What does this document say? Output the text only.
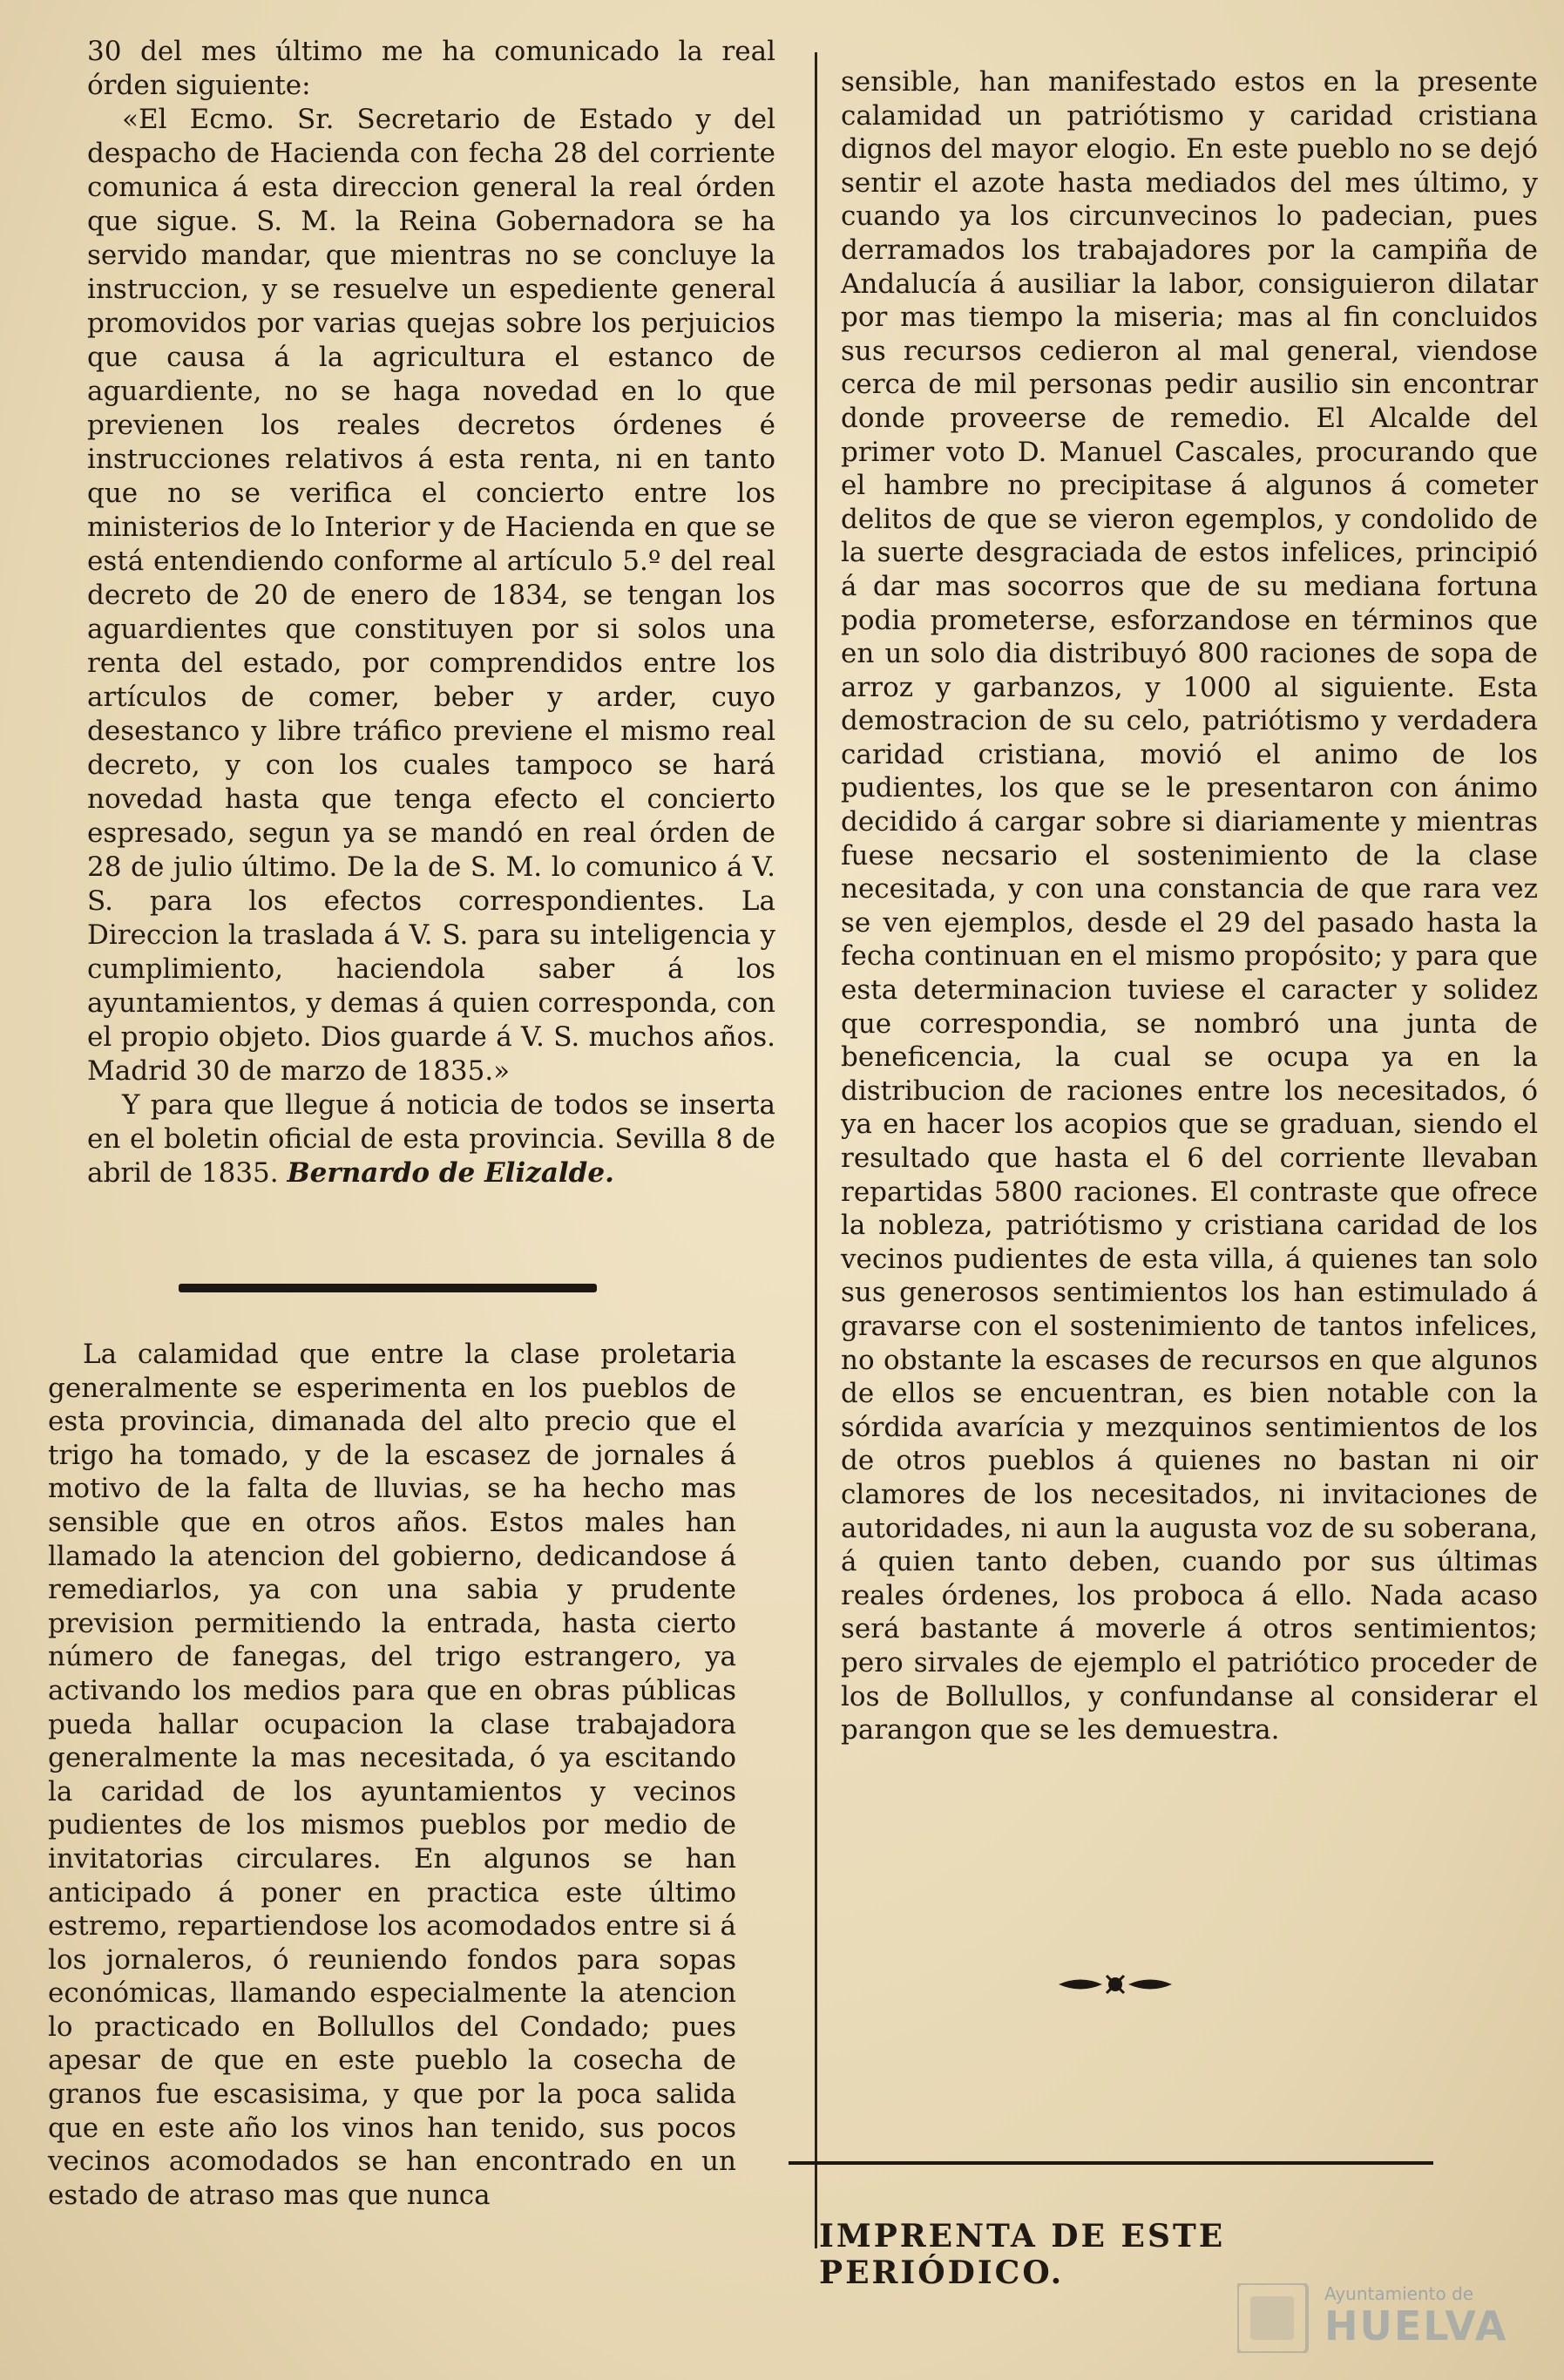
30 del mes último me ha comunicado la real órden siguiente:

«El Ecmo. Sr. Secretario de Estado y del despacho de Hacienda con fecha 28 del corriente comunica á esta direccion general la real órden que sigue. S. M. la Reina Gobernadora se ha servido mandar, que mientras no se concluye la instruccion, y se resuelve un espediente general promovidos por varias quejas sobre los perjuicios que causa á la agricultura el estanco de aguardiente, no se haga novedad en lo que previenen los reales decretos órdenes é instrucciones relativos á esta renta, ni en tanto que no se verifica el concierto entre los ministerios de lo Interior y de Hacienda en que se está entendiendo conforme al artículo 5.º del real decreto de 20 de enero de 1834, se tengan los aguardientes que constituyen por si solos una renta del estado, por comprendidos entre los artículos de comer, beber y arder, cuyo desestanco y libre tráfico previene el mismo real decreto, y con los cuales tampoco se hará novedad hasta que tenga efecto el concierto espresado, segun ya se mandó en real órden de 28 de julio último. De la de S. M. lo comunico á V. S. para los efectos correspondientes. La Direccion la traslada á V. S. para su inteligencia y cumplimiento, haciendola saber á los ayuntamientos, y demas á quien corresponda, con el propio objeto. Dios guarde á V. S. muchos años. Madrid 30 de marzo de 1835.»

Y para que llegue á noticia de todos se inserta en el boletin oficial de esta provincia. Sevilla 8 de abril de 1835. Bernardo de Elizalde.

La calamidad que entre la clase proletaria generalmente se esperimenta en los pueblos de esta provincia, dimanada del alto precio que el trigo ha tomado, y de la escasez de jornales á motivo de la falta de lluvias, se ha hecho mas sensible que en otros años. Estos males han llamado la atencion del gobierno, dedicandose á remediarlos, ya con una sabia y prudente prevision permitiendo la entrada, hasta cierto número de fanegas, del trigo estrangero, ya activando los medios para que en obras públicas pueda hallar ocupacion la clase trabajadora generalmente la mas necesitada, ó ya escitando la caridad de los ayuntamientos y vecinos pudientes de los mismos pueblos por medio de invitatorias circulares. En algunos se han anticipado á poner en practica este último estremo, repartiendose los acomodados entre si á los jornaleros, ó reuniendo fondos para sopas económicas, llamando especialmente la atencion lo practicado en Bollullos del Condado; pues apesar de que en este pueblo la cosecha de granos fue escasisima, y que por la poca salida que en este año los vinos han tenido, sus pocos vecinos acomodados se han encontrado en un estado de atraso mas que nunca

sensible, han manifestado estos en la presente calamidad un patriótismo y caridad cristiana dignos del mayor elogio. En este pueblo no se dejó sentir el azote hasta mediados del mes último, y cuando ya los circunvecinos lo padecian, pues derramados los trabajadores por la campiña de Andalucía á ausiliar la labor, consiguieron dilatar por mas tiempo la miseria; mas al fin concluidos sus recursos cedieron al mal general, viendose cerca de mil personas pedir ausilio sin encontrar donde proveerse de remedio. El Alcalde del primer voto D. Manuel Cascales, procurando que el hambre no precipitase á algunos á cometer delitos de que se vieron egemplos, y condolido de la suerte desgraciada de estos infelices, principió á dar mas socorros que de su mediana fortuna podia prometerse, esforzandose en términos que en un solo dia distribuyó 800 raciones de sopa de arroz y garbanzos, y 1000 al siguiente. Esta demostracion de su celo, patriótismo y verdadera caridad cristiana, movió el animo de los pudientes, los que se le presentaron con ánimo decidido á cargar sobre si diariamente y mientras fuese necsario el sostenimiento de la clase necesitada, y con una constancia de que rara vez se ven ejemplos, desde el 29 del pasado hasta la fecha continuan en el mismo propósito; y para que esta determinacion tuviese el caracter y solidez que correspondia, se nombró una junta de beneficencia, la cual se ocupa ya en la distribucion de raciones entre los necesitados, ó ya en hacer los acopios que se graduan, siendo el resultado que hasta el 6 del corriente llevaban repartidas 5800 raciones. El contraste que ofrece la nobleza, patriótismo y cristiana caridad de los vecinos pudientes de esta villa, á quienes tan solo sus generosos sentimientos los han estimulado á gravarse con el sostenimiento de tantos infelices, no obstante la escases de recursos en que algunos de ellos se encuentran, es bien notable con la sórdida avarícia y mezquinos sentimientos de los de otros pueblos á quienes no bastan ni oir clamores de los necesitados, ni invitaciones de autoridades, ni aun la augusta voz de su soberana, á quien tanto deben, cuando por sus últimas reales órdenes, los proboca á ello. Nada acaso será bastante á moverle á otros sentimientos; pero sirvales de ejemplo el patriótico proceder de los de Bollullos, y confundanse al considerar el parangon que se les demuestra.

IMPRENTA DE ESTE PERIÓDICO.
Ayuntamiento de
HUELVA
